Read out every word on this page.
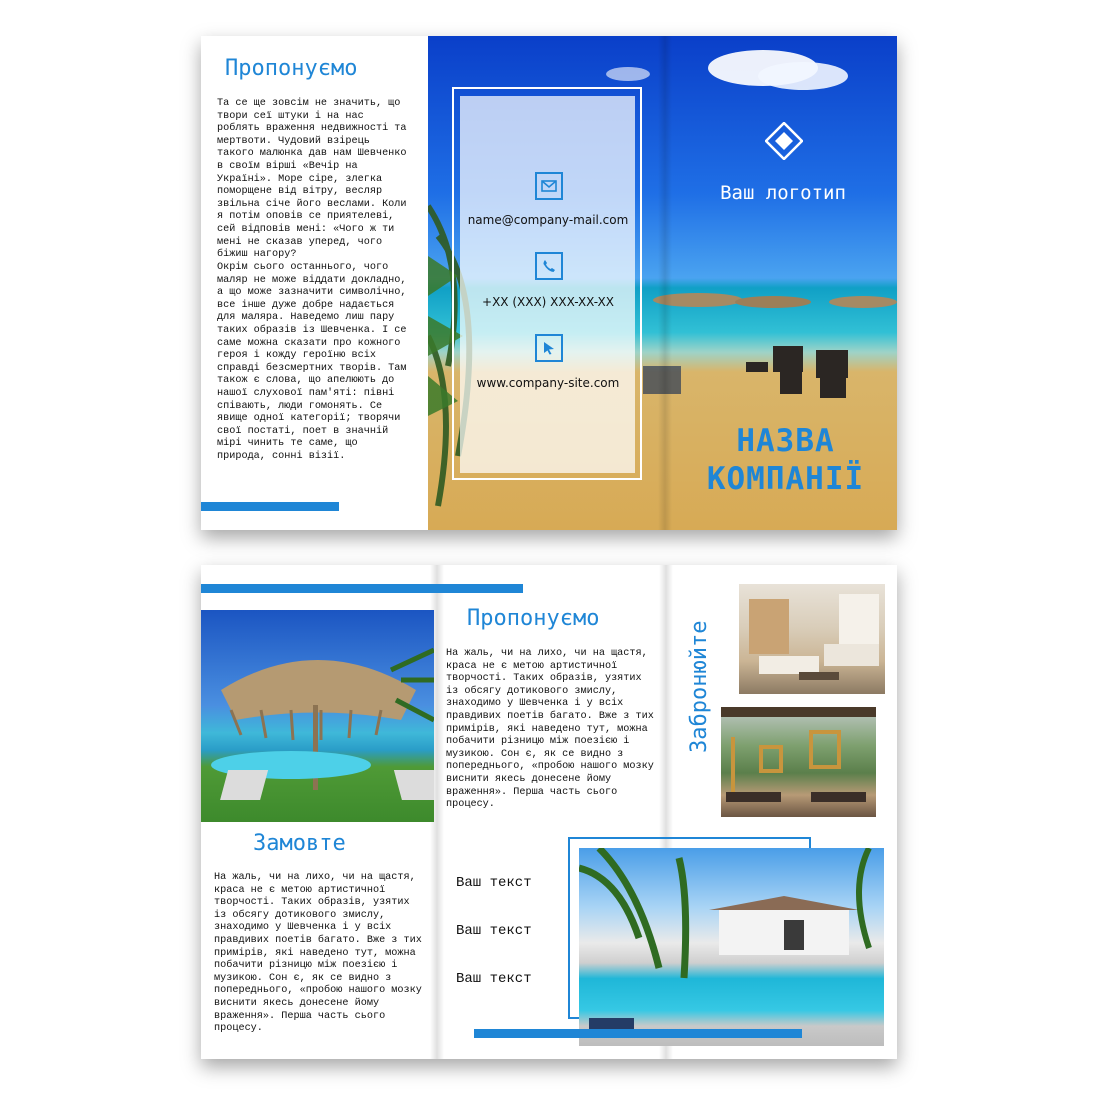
Пропонуємо

Та се ще зовсім не значить, що твори сеї штуки і на нас роблять враження недвижності та мертвоти. Чудовий взірець такого малюнка дав нам Шевченко в своїм вірші «Вечір на Україні». Море сіре, злегка поморщене від вітру, весляр звільна січе його веслами. Коли я потім оповів се приятелеві, сей відповів мені: «Чого ж ти мені не сказав уперед, чого біжиш нагору?

Окрім сього останнього, чого маляр не може віддати докладно, а що може зазначити символічно, все інше дуже добре надається для маляра. Наведемо лиш пару таких образів із Шевченка. І се саме можна сказати про кожного героя і кожду героїню всіх справді безсмертних творів. Там також є слова, що апелюють до нашої слухової пам'яті: півні співають, люди гомонять. Се явище одної категорії; творячи свої постаті, поет в значній мірі чинить те саме, що природа, сонні візії.

name@company-mail.com
+XX (XXX) XXX-XX-XX
www.company-site.com
Ваш логотип
НАЗВА
КОМПАНІЇ
Замовте

На жаль, чи на лихо, чи на щастя, краса не є метою артистичної творчості. Таких образів, узятих із обсягу дотикового змислу, знаходимо у Шевченка і у всіх правдивих поетів багато. Вже з тих примірів, які наведено тут, можна побачити різницю між поезією і музикою. Сон є, як се видно з попереднього, «пробою нашого мозку виснити якесь донесене йому враження». Перша часть сього процесу.

Пропонуємо

На жаль, чи на лихо, чи на щастя, краса не є метою артистичної творчості. Таких образів, узятих із обсягу дотикового змислу, знаходимо у Шевченка і у всіх правдивих поетів багато. Вже з тих примірів, які наведено тут, можна побачити різницю між поезією і музикою. Сон є, як се видно з попереднього, «пробою нашого мозку виснити якесь донесене йому враження». Перша часть сього процесу.

Ваш текст
Ваш текст
Ваш текст
Забронюйте
